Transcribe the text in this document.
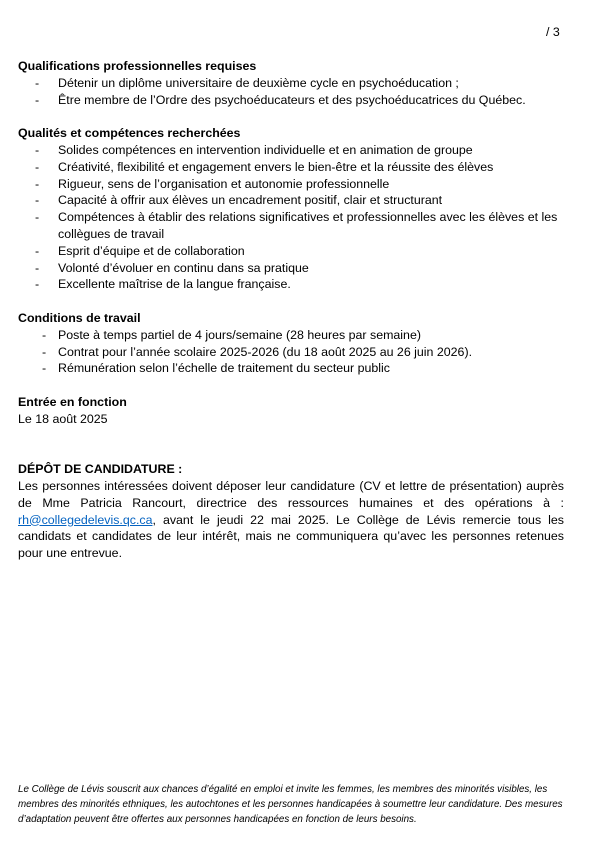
/ 3

Qualifications professionnelles requises

- Détenir un diplôme universitaire de deuxième cycle en psychoéducation ;
- Être membre de l’Ordre des psychoéducateurs et des psychoéducatrices du Québec.

Qualités et compétences recherchées

- Solides compétences en intervention individuelle et en animation de groupe
- Créativité, flexibilité et engagement envers le bien-être et la réussite des élèves
- Rigueur, sens de l’organisation et autonomie professionnelle
- Capacité à offrir aux élèves un encadrement positif, clair et structurant
- Compétences à établir des relations significatives et professionnelles avec les élèves et les collègues de travail
- Esprit d’équipe et de collaboration
- Volonté d’évoluer en continu dans sa pratique
- Excellente maîtrise de la langue française.

Conditions de travail

- Poste à temps partiel de 4 jours/semaine (28 heures par semaine)
- Contrat pour l’année scolaire 2025-2026 (du 18 août 2025 au 26 juin 2026).
- Rémunération selon l’échelle de traitement du secteur public

Entrée en fonction

Le 18 août 2025

DÉPÔT DE CANDIDATURE :

Les personnes intéressées doivent déposer leur candidature (CV et lettre de présentation) auprès de Mme Patricia Rancourt, directrice des ressources humaines et des opérations à : rh@collegedelevis.qc.ca, avant le jeudi 22 mai 2025. Le Collège de Lévis remercie tous les candidats et candidates de leur intérêt, mais ne communiquera qu’avec les personnes retenues pour une entrevue.

Le Collège de Lévis souscrit aux chances d’égalité en emploi et invite les femmes, les membres des minorités visibles, les membres des minorités ethniques, les autochtones et les personnes handicapées à soumettre leur candidature. Des mesures d’adaptation peuvent être offertes aux personnes handicapées en fonction de leurs besoins.
